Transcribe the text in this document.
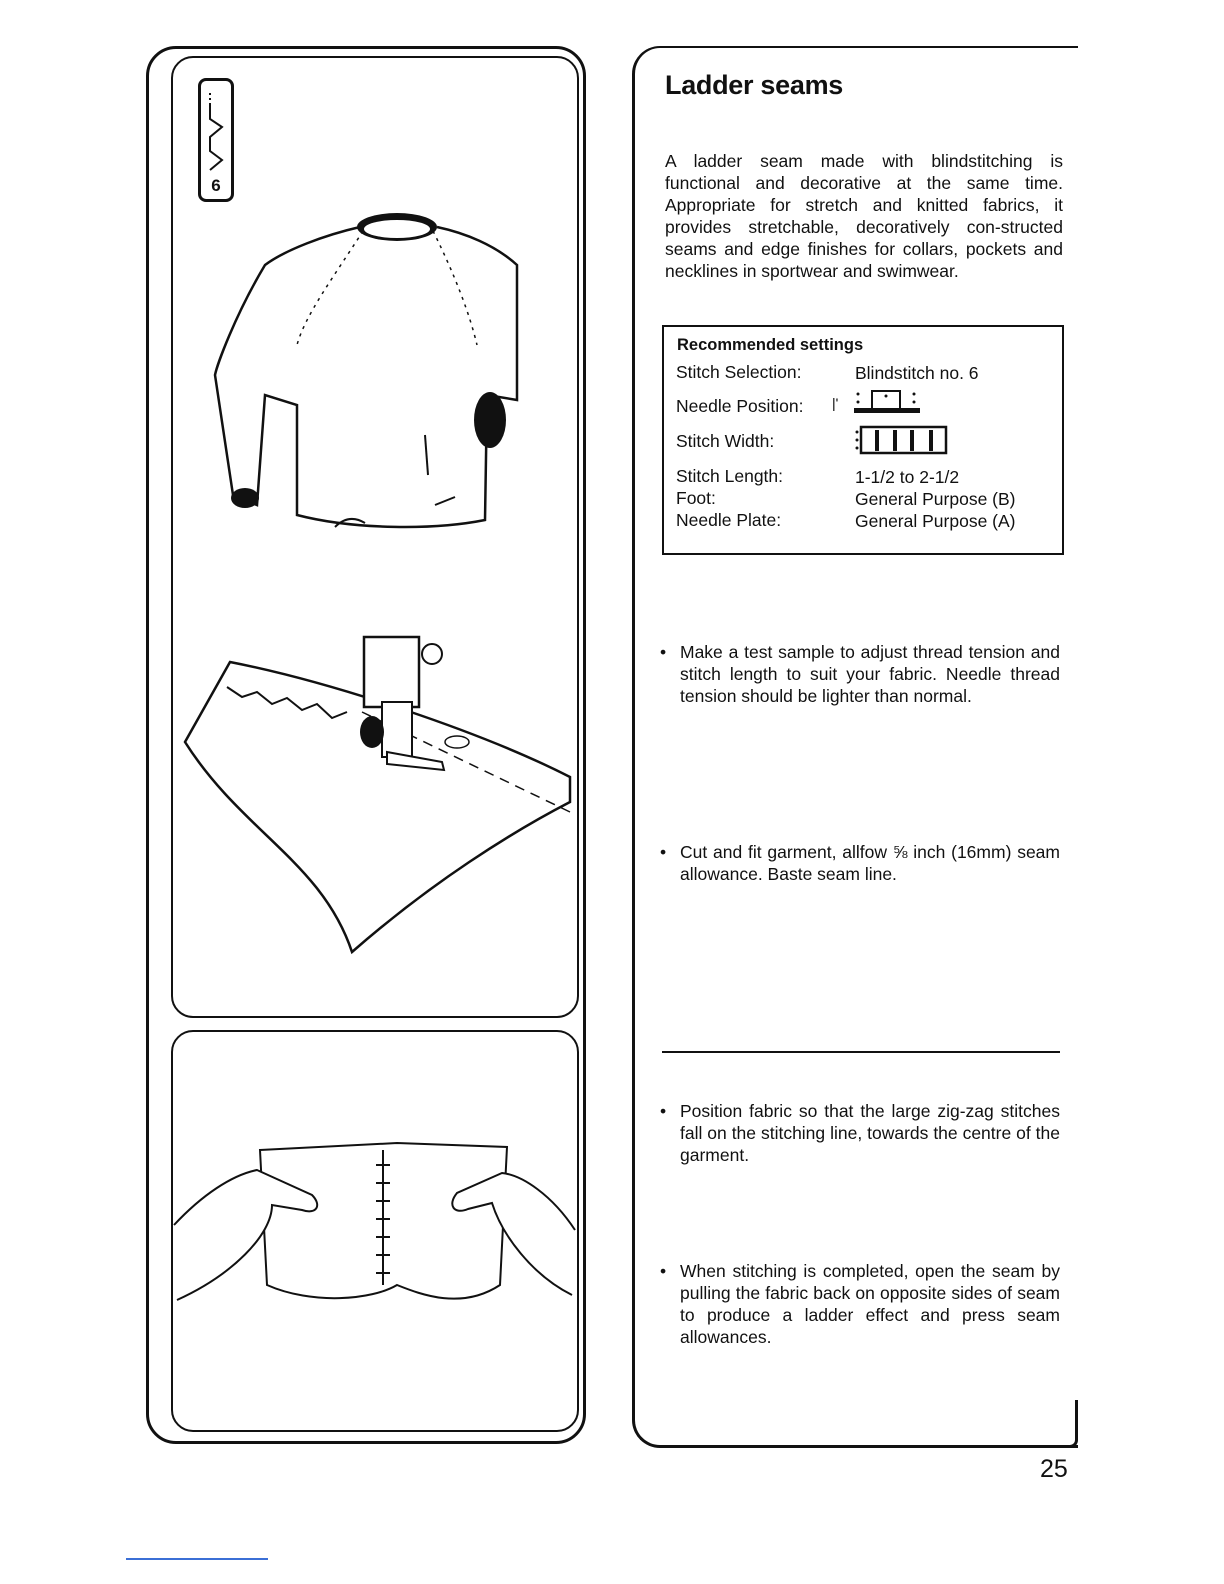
6
Ladder seams
A ladder seam made with blindstitching is functional and decorative at the same time. Appropriate for stretch and knitted fabrics, it provides stretchable, decoratively con-structed seams and edge finishes for collars, pockets and necklines in sportwear and swimwear.
Recommended settings
Stitch Selection:	Blindstitch no. 6
Needle Position: |'
Stitch Width:
Stitch Length:	1-1/2 to 2-1/2
Foot:	General Purpose (B)
Needle Plate:	General Purpose (A)
• Make a test sample to adjust thread tension and stitch length to suit your fabric. Needle thread tension should be lighter than normal.
• Cut and fit garment, allfow ⅝ inch (16mm) seam allowance. Baste seam line.
• Position fabric so that the large zig-zag stitches fall on the stitching line, towards the centre of the garment.
• When stitching is completed, open the seam by pulling the fabric back on opposite sides of seam to produce a ladder effect and press seam allowances.
25
